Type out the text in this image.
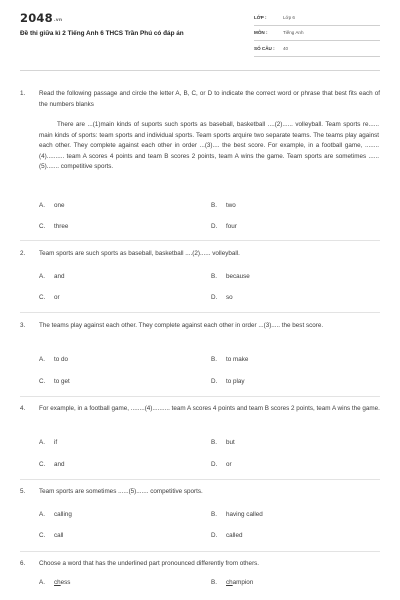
2048.vn
Đề thi giữa kì 2 Tiếng Anh 6 THCS Trần Phú có đáp án
LỚP :	Lớp 6
MÔN :	Tiếng Anh
SỐ CÂU :	40
1.	Read the following passage and circle the letter A, B, C, or D to indicate the correct word or phrase that best fits each of the numbers blanks
There are ...(1)main kinds of suports such sports as baseball, basketball ....(2)...... volleyball. Team sports re...... main kinds of sports: team sports and individual sports. Team sports arquire two separate teams. The teams play against each other. They complete against each other in order ...(3).... the best score. For example, in a football game, ........(4).......... team A scores 4 points and team B scores 2 points, team A wins the game. Team sports are sometimes ......(5)....... competitive sports.
A. one	B. two
C. three	D. four
2.	Team sports are such sports as baseball, basketball ....(2)...... volleyball.
A. and	B. because
C. or	D. so
3.	The teams play against each other. They complete against each other in order ...(3)..... the best score.
A. to do	B. to make
C. to get	D. to play
4.	For example, in a football game, ........(4).......... team A scores 4 points and team B scores 2 points, team A wins the game.
A. if	B. but
C. and	D. or
5.	Team sports are sometimes ......(5)....... competitive sports.
A. calling	B. having called
C. call	D. called
6.	Choose a word that has the underlined part pronounced differently from others.
A. chess	B. champion
